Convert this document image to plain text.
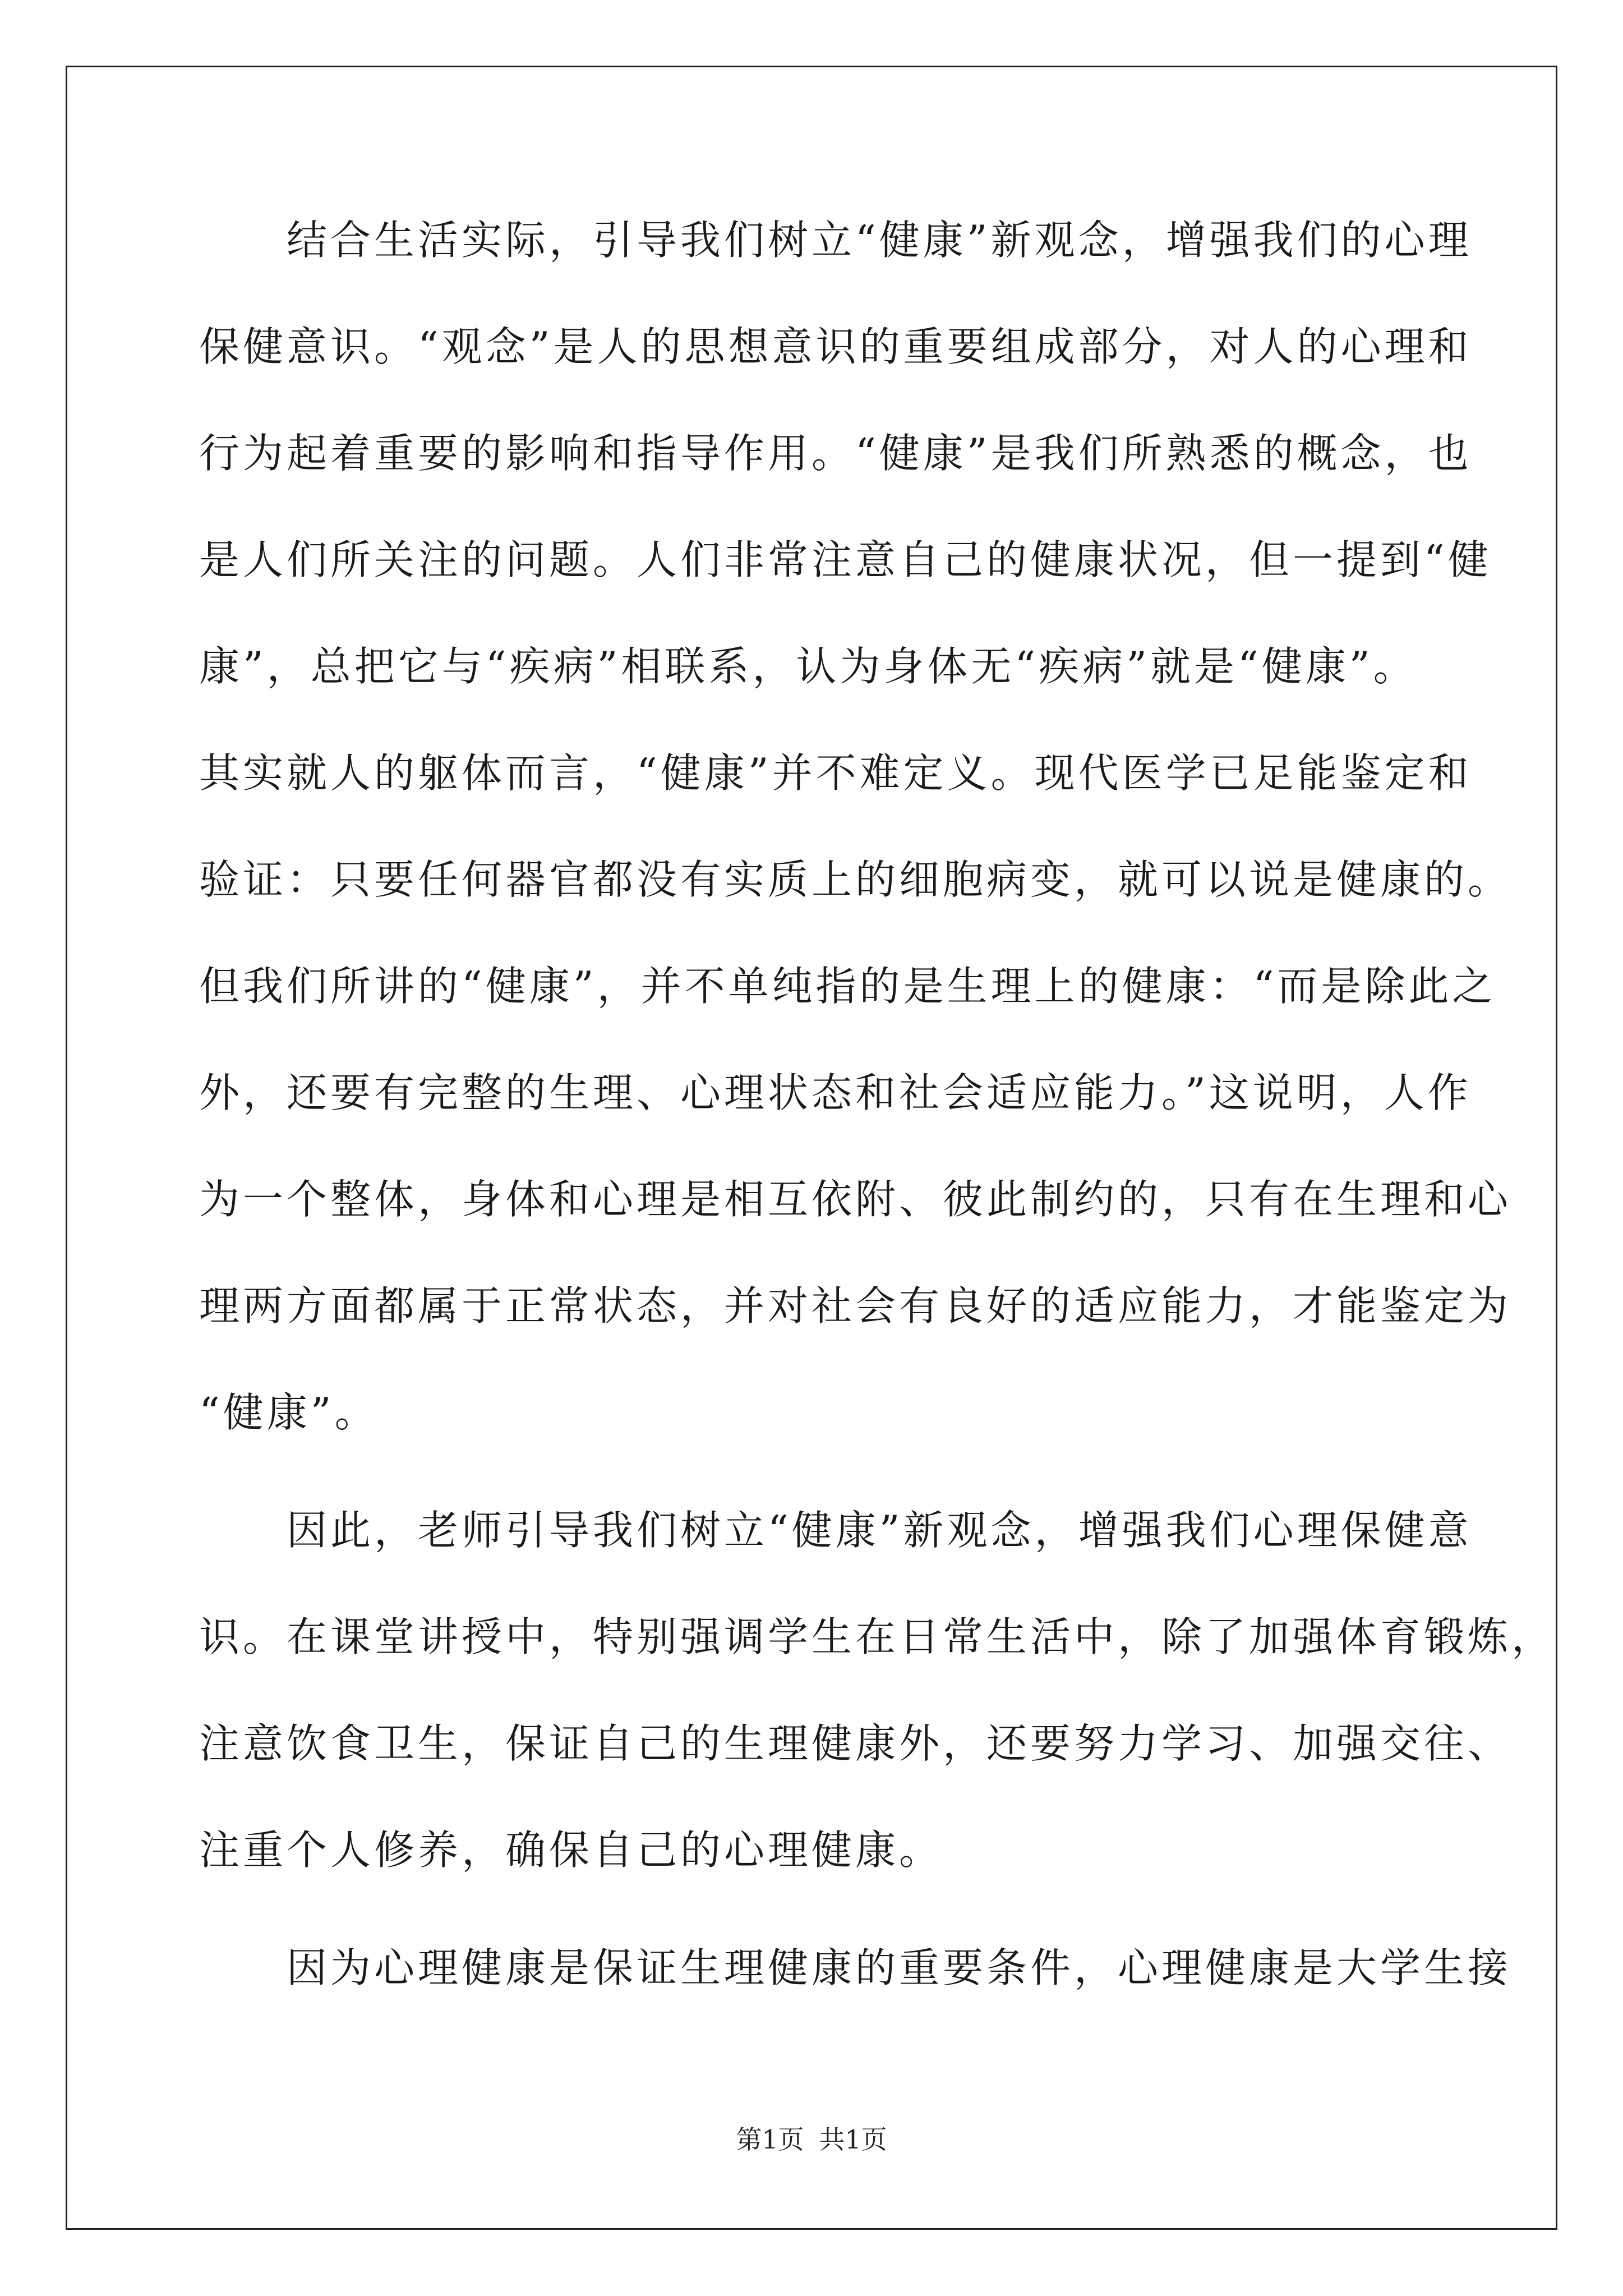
　　结合生活实际，引导我们树立“健康”新观念，增强我们的心理
保健意识。“观念”是人的思想意识的重要组成部分，对人的心理和
行为起着重要的影响和指导作用。“健康”是我们所熟悉的概念，也
是人们所关注的问题。人们非常注意自己的健康状况，但一提到“健
康”，总把它与“疾病”相联系，认为身体无“疾病”就是“健康”。
其实就人的躯体而言，“健康”并不难定义。现代医学已足能鉴定和
验证：只要任何器官都没有实质上的细胞病变，就可以说是健康的。
但我们所讲的“健康”，并不单纯指的是生理上的健康：“而是除此之
外，还要有完整的生理、心理状态和社会适应能力。”这说明，人作
为一个整体，身体和心理是相互依附、彼此制约的，只有在生理和心
理两方面都属于正常状态，并对社会有良好的适应能力，才能鉴定为
“健康”。
　　因此，老师引导我们树立“健康”新观念，增强我们心理保健意
识。在课堂讲授中，特别强调学生在日常生活中，除了加强体育锻炼，
注意饮食卫生，保证自己的生理健康外，还要努力学习、加强交往、
注重个人修养，确保自己的心理健康。
　　因为心理健康是保证生理健康的重要条件，心理健康是大学生接
第1页 共1页
